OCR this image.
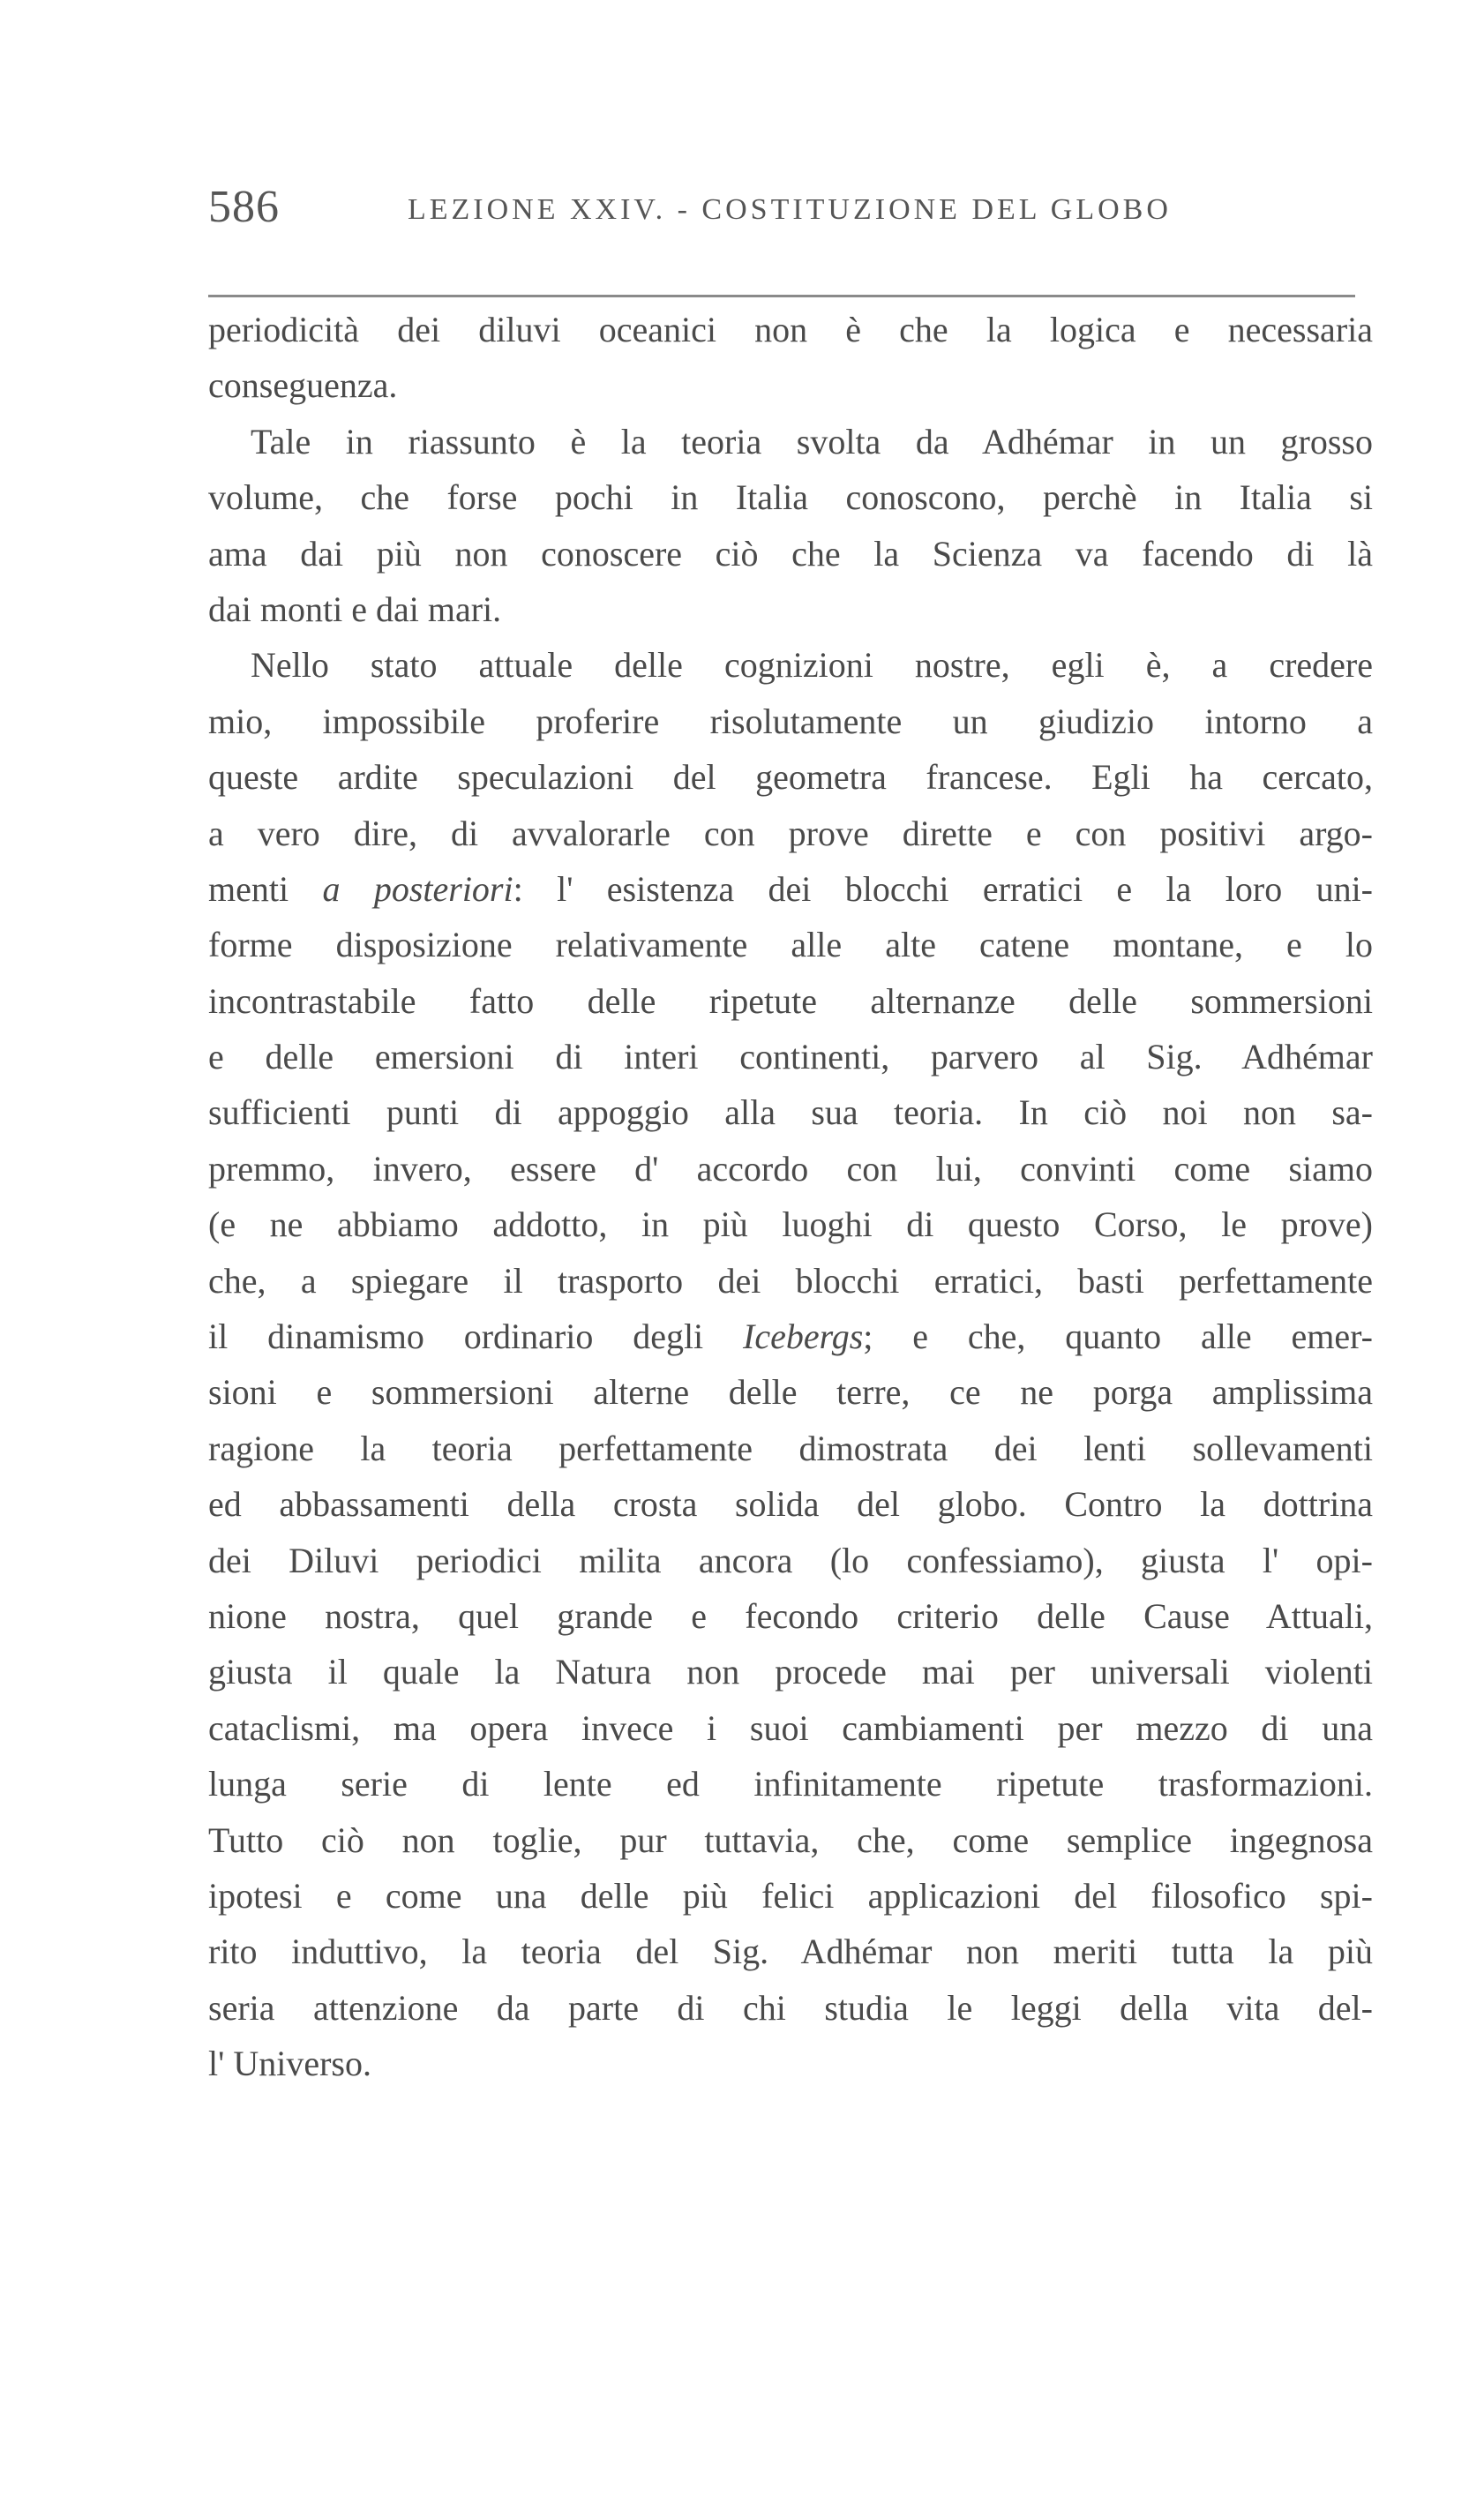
586	LEZIONE XXIV. - COSTITUZIONE DEL GLOBO
periodicità dei diluvi oceanici non è che la logica e necessaria
conseguenza.
Tale in riassunto è la teoria svolta da Adhémar in un grosso
volume, che forse pochi in Italia conoscono, perchè in Italia si
ama dai più non conoscere ciò che la Scienza va facendo di là
dai monti e dai mari.
Nello stato attuale delle cognizioni nostre, egli è, a credere
mio, impossibile proferire risolutamente un giudizio intorno a
queste ardite speculazioni del geometra francese. Egli ha cercato,
a vero dire, di avvalorarle con prove dirette e con positivi argo-
menti a posteriori: l' esistenza dei blocchi erratici e la loro uni-
forme disposizione relativamente alle alte catene montane, e lo
incontrastabile fatto delle ripetute alternanze delle sommersioni
e delle emersioni di interi continenti, parvero al Sig. Adhémar
sufficienti punti di appoggio alla sua teoria. In ciò noi non sa-
premmo, invero, essere d' accordo con lui, convinti come siamo
(e ne abbiamo addotto, in più luoghi di questo Corso, le prove)
che, a spiegare il trasporto dei blocchi erratici, basti perfettamente
il dinamismo ordinario degli Icebergs; e che, quanto alle emer-
sioni e sommersioni alterne delle terre, ce ne porga amplissima
ragione la teoria perfettamente dimostrata dei lenti sollevamenti
ed abbassamenti della crosta solida del globo. Contro la dottrina
dei Diluvi periodici milita ancora (lo confessiamo), giusta l' opi-
nione nostra, quel grande e fecondo criterio delle Cause Attuali,
giusta il quale la Natura non procede mai per universali violenti
cataclismi, ma opera invece i suoi cambiamenti per mezzo di una
lunga serie di lente ed infinitamente ripetute trasformazioni.
Tutto ciò non toglie, pur tuttavia, che, come semplice ingegnosa
ipotesi e come una delle più felici applicazioni del filosofico spi-
rito induttivo, la teoria del Sig. Adhémar non meriti tutta la più
seria attenzione da parte di chi studia le leggi della vita del-
l' Universo.
